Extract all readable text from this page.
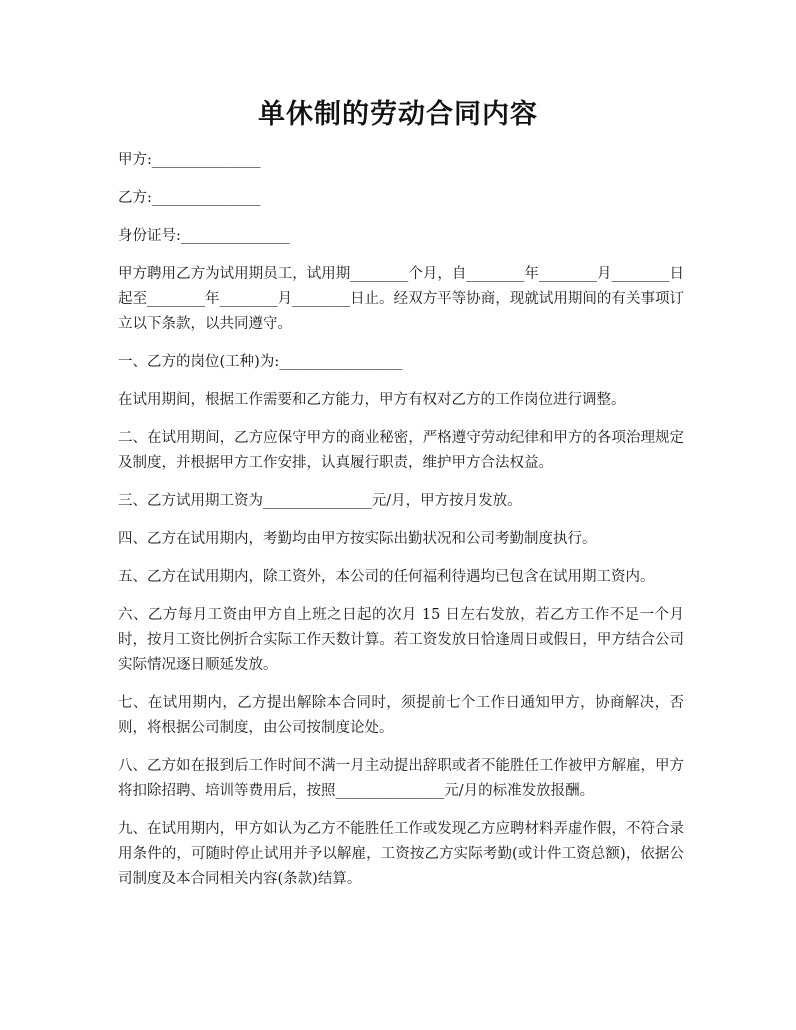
单休制的劳动合同内容

甲方:_______________

乙方:_______________

身份证号:_______________

甲方聘用乙方为试用期员工，试用期________个月，自________年________月________日起至________年________月________日止。经双方平等协商，现就试用期间的有关事项订立以下条款，以共同遵守。

一、乙方的岗位(工种)为:_________________

在试用期间，根据工作需要和乙方能力，甲方有权对乙方的工作岗位进行调整。

二、在试用期间，乙方应保守甲方的商业秘密，严格遵守劳动纪律和甲方的各项治理规定及制度，并根据甲方工作安排，认真履行职责，维护甲方合法权益。

三、乙方试用期工资为_______________元/月，甲方按月发放。

四、乙方在试用期内，考勤均由甲方按实际出勤状况和公司考勤制度执行。

五、乙方在试用期内，除工资外，本公司的任何福利待遇均已包含在试用期工资内。

六、乙方每月工资由甲方自上班之日起的次月 15 日左右发放，若乙方工作不足一个月时，按月工资比例折合实际工作天数计算。若工资发放日恰逢周日或假日，甲方结合公司实际情况逐日顺延发放。

七、在试用期内，乙方提出解除本合同时，须提前七个工作日通知甲方，协商解决，否则，将根据公司制度，由公司按制度论处。

八、乙方如在报到后工作时间不满一月主动提出辞职或者不能胜任工作被甲方解雇，甲方将扣除招聘、培训等费用后，按照_______________元/月的标准发放报酬。

九、在试用期内，甲方如认为乙方不能胜任工作或发现乙方应聘材料弄虚作假，不符合录用条件的，可随时停止试用并予以解雇，工资按乙方实际考勤(或计件工资总额)，依据公司制度及本合同相关内容(条款)结算。
